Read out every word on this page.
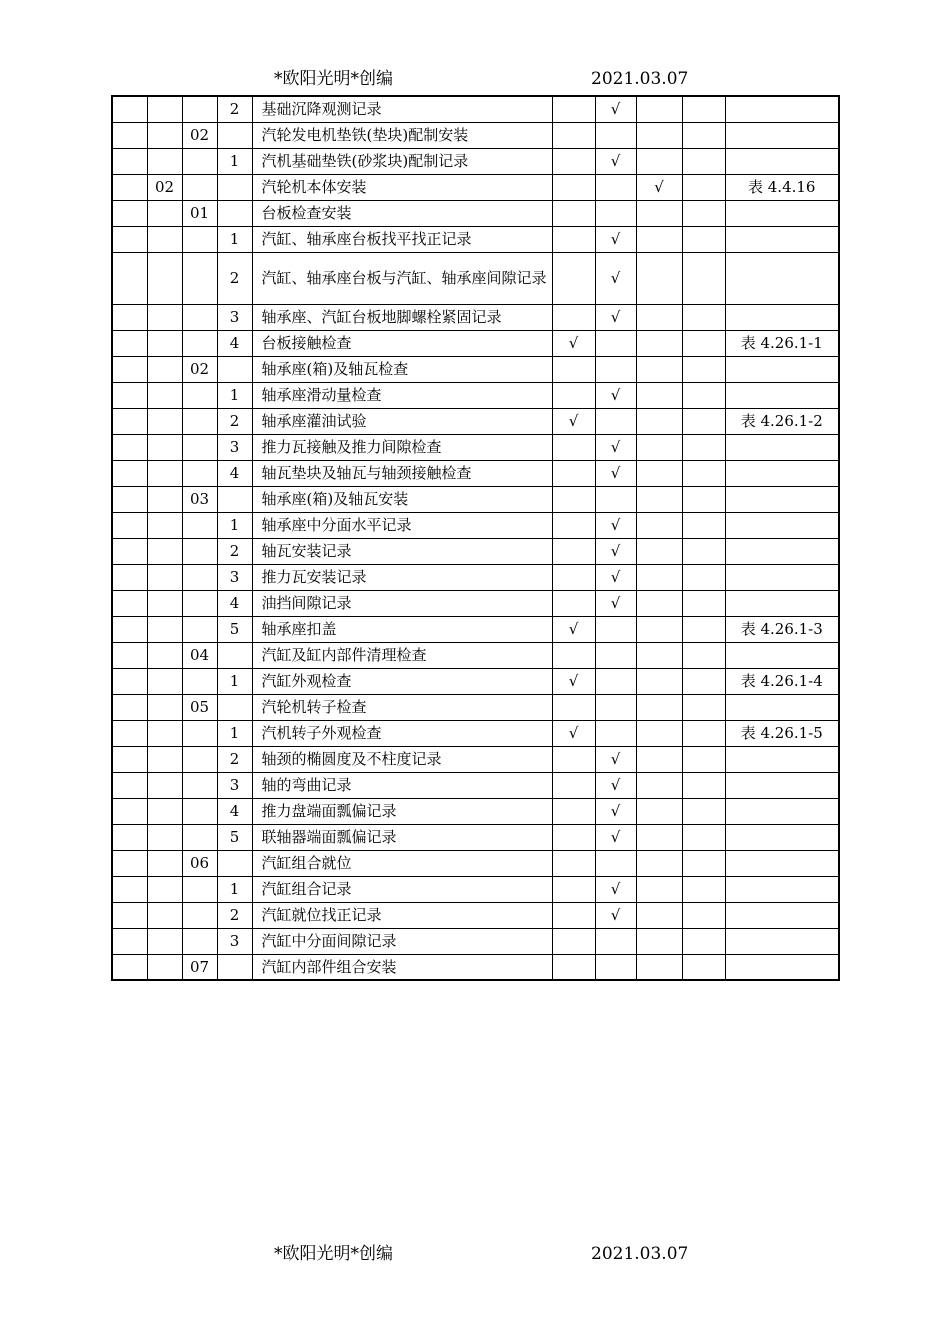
*欧阳光明*创编	2021.03.07
			2	基础沉降观测记录		√			
		02		汽轮发电机垫铁(垫块)配制安装					
			1	汽机基础垫铁(砂浆块)配制记录		√			
	02			汽轮机本体安装			√		表 4.4.16
		01		台板检查安装					
			1	汽缸、轴承座台板找平找正记录		√			
			2	汽缸、轴承座台板与汽缸、轴承座间隙记录		√			
			3	轴承座、汽缸台板地脚螺栓紧固记录		√			
			4	台板接触检查	√				表 4.26.1-1
		02		轴承座(箱)及轴瓦检查					
			1	轴承座滑动量检查		√			
			2	轴承座灌油试验	√				表 4.26.1-2
			3	推力瓦接触及推力间隙检查		√			
			4	轴瓦垫块及轴瓦与轴颈接触检查		√			
		03		轴承座(箱)及轴瓦安装					
			1	轴承座中分面水平记录		√			
			2	轴瓦安装记录		√			
			3	推力瓦安装记录		√			
			4	油挡间隙记录		√			
			5	轴承座扣盖	√				表 4.26.1-3
		04		汽缸及缸内部件清理检查					
			1	汽缸外观检查	√				表 4.26.1-4
		05		汽轮机转子检查					
			1	汽机转子外观检查	√				表 4.26.1-5
			2	轴颈的椭圆度及不柱度记录		√			
			3	轴的弯曲记录		√			
			4	推力盘端面瓢偏记录		√			
			5	联轴器端面瓢偏记录		√			
		06		汽缸组合就位					
			1	汽缸组合记录		√			
			2	汽缸就位找正记录		√			
			3	汽缸中分面间隙记录					
		07		汽缸内部件组合安装					
*欧阳光明*创编	2021.03.07
